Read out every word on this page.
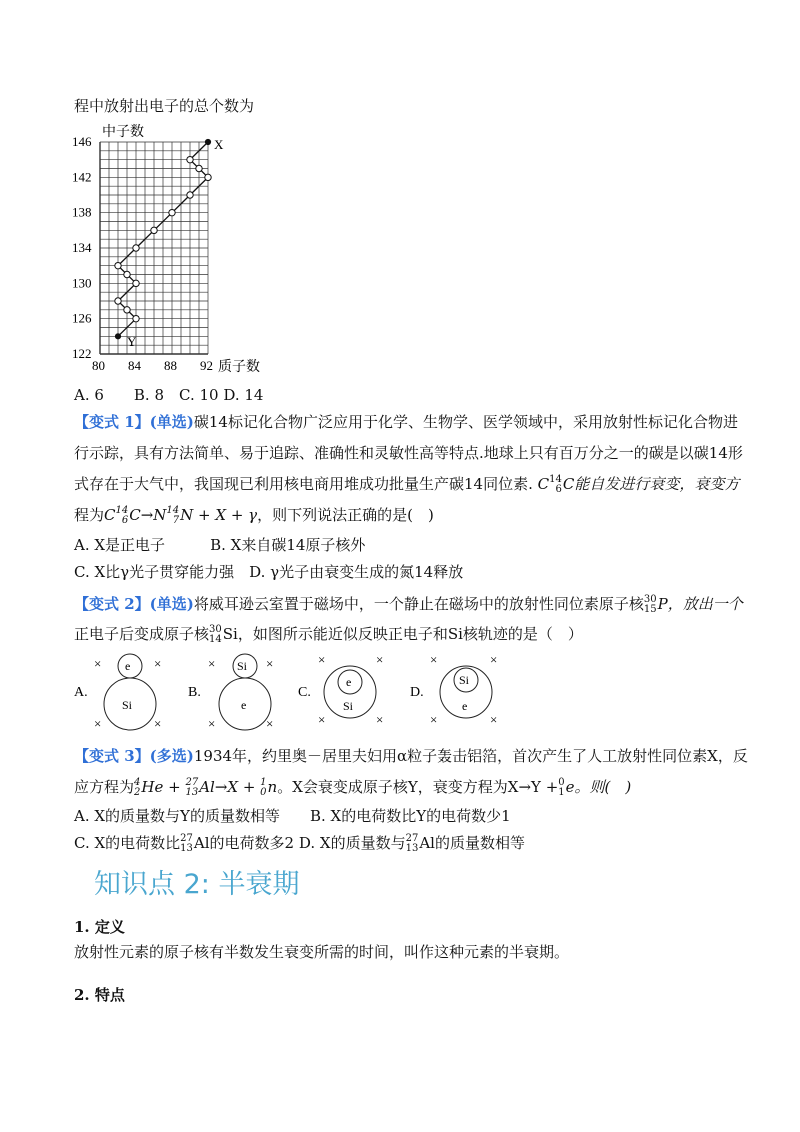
程中放射出电子的总个数为
中子数
质子数
80 84 88 92
122
126
130
134
138
142
146	X
Y
A. 6　　B. 8　C. 10 D. 14
【变式 1】(单选)碳14标记化合物广泛应用于化学、生物学、医学领域中，采用放射性标记化合物进
行示踪，具有方法简单、易于追踪、准确性和灵敏性高等特点.地球上只有百万分之一的碳是以碳14形
式存在于大气中，我国现已利用核电商用堆成功批量生产碳14同位素. C 14
6 C能自发进行衰变，衰变方
程为C 14
6 C→N 14
7 N + X + γ，则下列说法正确的是(　)
A. X是正电子　　　	B. X来自碳14原子核外
C. X比γ光子贯穿能力强　 D. γ光子由衰变生成的氮14释放
【变式 2】(单选)将威耳逊云室置于磁场中，一个静止在磁场中的放射性同位素原子核 30
15 P，放出一个
正电子后变成原子核 30
14 Si，如图所示能近似反映正电子和Si核轨迹的是（　）
A.
×	×
×	×
e
Si
B.
×	×
×	×
Si
e
C.
×	×
×	×
e
Si
D.
×	×
×	×
Si
e
【变式 3】(多选)1934年，约里奥－居里夫妇用α粒子轰击铝箔，首次产生了人工放射性同位素X，反
应方程为 4
2 He + 27
13 Al→X + 1
0 n。X会衰变成原子核Y，衰变方程为X→Y + 0
1 e。则(　)
A. X的质量数与Y的质量数相等　　 B. X的电荷数比Y的电荷数少1
C. X的电荷数比 27
13 Al的电荷数多2 D. X的质量数与 27
13 Al的质量数相等
知识点 2: 半衰期
1. 定义
放射性元素的原子核有半数发生衰变所需的时间，叫作这种元素的半衰期。
2. 特点
